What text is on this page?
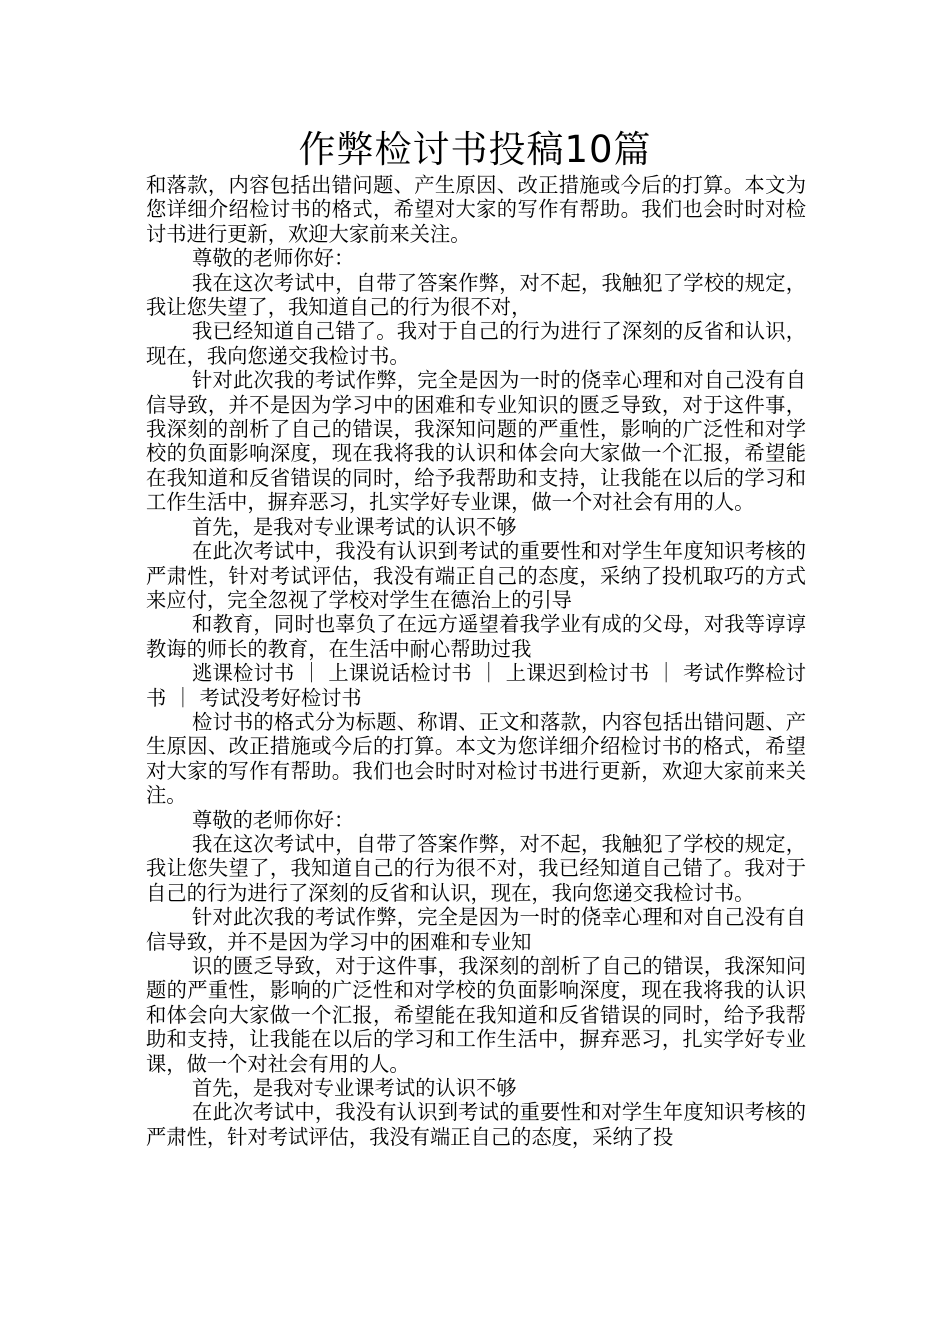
作弊检讨书投稿10篇

和落款，内容包括出错问题、产生原因、改正措施或今后的打算。本文为您详细介绍检讨书的格式，希望对大家的写作有帮助。我们也会时时对检讨书进行更新，欢迎大家前来关注。

尊敬的老师你好：

我在这次考试中，自带了答案作弊，对不起，我触犯了学校的规定，我让您失望了，我知道自己的行为很不对，

我已经知道自己错了。我对于自己的行为进行了深刻的反省和认识，现在，我向您递交我检讨书。

针对此次我的考试作弊，完全是因为一时的侥幸心理和对自己没有自信导致，并不是因为学习中的困难和专业知识的匮乏导致，对于这件事，我深刻的剖析了自己的错误，我深知问题的严重性，影响的广泛性和对学校的负面影响深度，现在我将我的认识和体会向大家做一个汇报，希望能在我知道和反省错误的同时，给予我帮助和支持，让我能在以后的学习和工作生活中，摒弃恶习，扎实学好专业课，做一个对社会有用的人。

首先，是我对专业课考试的认识不够

在此次考试中，我没有认识到考试的重要性和对学生年度知识考核的严肃性，针对考试评估，我没有端正自己的态度，采纳了投机取巧的方式来应付，完全忽视了学校对学生在德治上的引导

和教育，同时也辜负了在远方遥望着我学业有成的父母，对我等谆谆教诲的师长的教育，在生活中耐心帮助过我

逃课检讨书 ｜ 上课说话检讨书 ｜ 上课迟到检讨书 ｜ 考试作弊检讨书 ｜ 考试没考好检讨书

检讨书的格式分为标题、称谓、正文和落款，内容包括出错问题、产生原因、改正措施或今后的打算。本文为您详细介绍检讨书的格式，希望对大家的写作有帮助。我们也会时时对检讨书进行更新，欢迎大家前来关注。

尊敬的老师你好：

我在这次考试中，自带了答案作弊，对不起，我触犯了学校的规定，我让您失望了，我知道自己的行为很不对，我已经知道自己错了。我对于自己的行为进行了深刻的反省和认识，现在，我向您递交我检讨书。

针对此次我的考试作弊，完全是因为一时的侥幸心理和对自己没有自信导致，并不是因为学习中的困难和专业知

识的匮乏导致，对于这件事，我深刻的剖析了自己的错误，我深知问题的严重性，影响的广泛性和对学校的负面影响深度，现在我将我的认识和体会向大家做一个汇报，希望能在我知道和反省错误的同时，给予我帮助和支持，让我能在以后的学习和工作生活中，摒弃恶习，扎实学好专业课，做一个对社会有用的人。

首先，是我对专业课考试的认识不够

在此次考试中，我没有认识到考试的重要性和对学生年度知识考核的严肃性，针对考试评估，我没有端正自己的态度，采纳了投
